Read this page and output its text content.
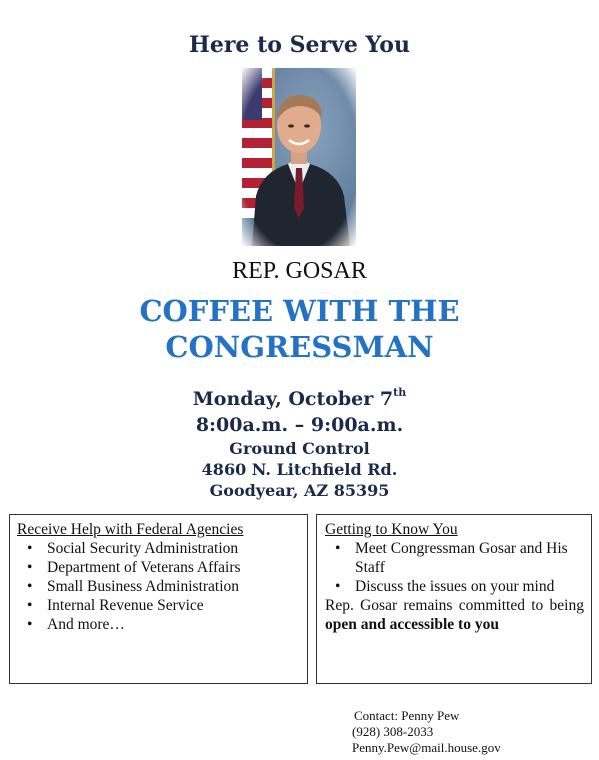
Here to Serve You
REP. GOSAR
COFFEE WITH THE
CONGRESSMAN
Monday, October 7th
8:00a.m. – 9:00a.m.
Ground Control
4860 N. Litchfield Rd.
Goodyear, AZ 85395
Receive Help with Federal Agencies
• Social Security Administration
• Department of Veterans Affairs
• Small Business Administration
• Internal Revenue Service
• And more…
Getting to Know You
• Meet Congressman Gosar and His Staff
• Discuss the issues on your mind
Rep. Gosar remains committed to being open and accessible to you
Contact: Penny Pew
(928) 308-2033
Penny.Pew@mail.house.gov
